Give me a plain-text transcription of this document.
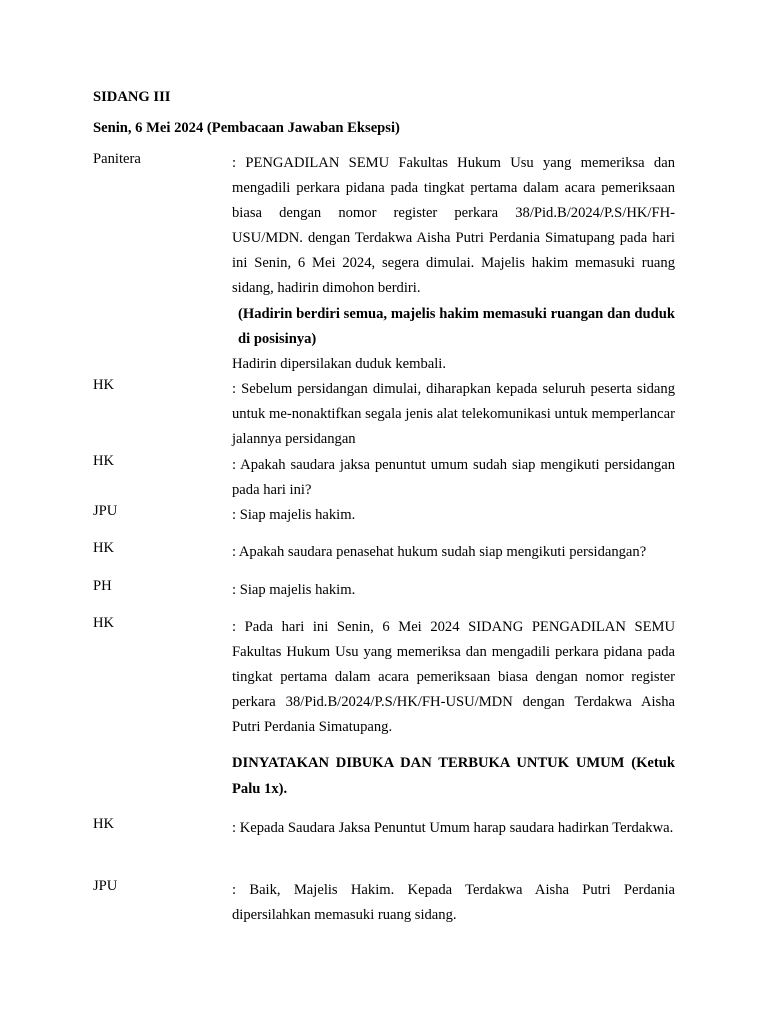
SIDANG III
Senin, 6 Mei 2024 (Pembacaan Jawaban Eksepsi)
Panitera	: PENGADILAN SEMU Fakultas Hukum Usu yang memeriksa dan mengadili perkara pidana pada tingkat pertama dalam acara pemeriksaan biasa dengan nomor register perkara 38/Pid.B/2024/P.S/HK/FH-USU/MDN. dengan Terdakwa Aisha Putri Perdania Simatupang pada hari ini Senin, 6 Mei 2024, segera dimulai. Majelis hakim memasuki ruang sidang, hadirin dimohon berdiri.

(Hadirin berdiri semua, majelis hakim memasuki ruangan dan duduk di posisinya)

Hadirin dipersilakan duduk kembali.

HK	: Sebelum persidangan dimulai, diharapkan kepada seluruh peserta sidang untuk me-nonaktifkan segala jenis alat telekomunikasi untuk memperlancar jalannya persidangan
HK	: Apakah saudara jaksa penuntut umum sudah siap mengikuti persidangan pada hari ini?
JPU	: Siap majelis hakim.
HK	: Apakah saudara penasehat hukum sudah siap mengikuti persidangan?
PH	: Siap majelis hakim.
HK	: Pada hari ini Senin, 6 Mei 2024 SIDANG PENGADILAN SEMU Fakultas Hukum Usu yang memeriksa dan mengadili perkara pidana pada tingkat pertama dalam acara pemeriksaan biasa dengan nomor register perkara 38/Pid.B/2024/P.S/HK/FH-USU/MDN dengan Terdakwa Aisha Putri Perdania Simatupang.

DINYATAKAN DIBUKA DAN TERBUKA UNTUK UMUM (Ketuk Palu 1x).

HK	: Kepada Saudara Jaksa Penuntut Umum harap saudara hadirkan Terdakwa.
JPU	: Baik, Majelis Hakim. Kepada Terdakwa Aisha Putri Perdania dipersilahkan memasuki ruang sidang.
